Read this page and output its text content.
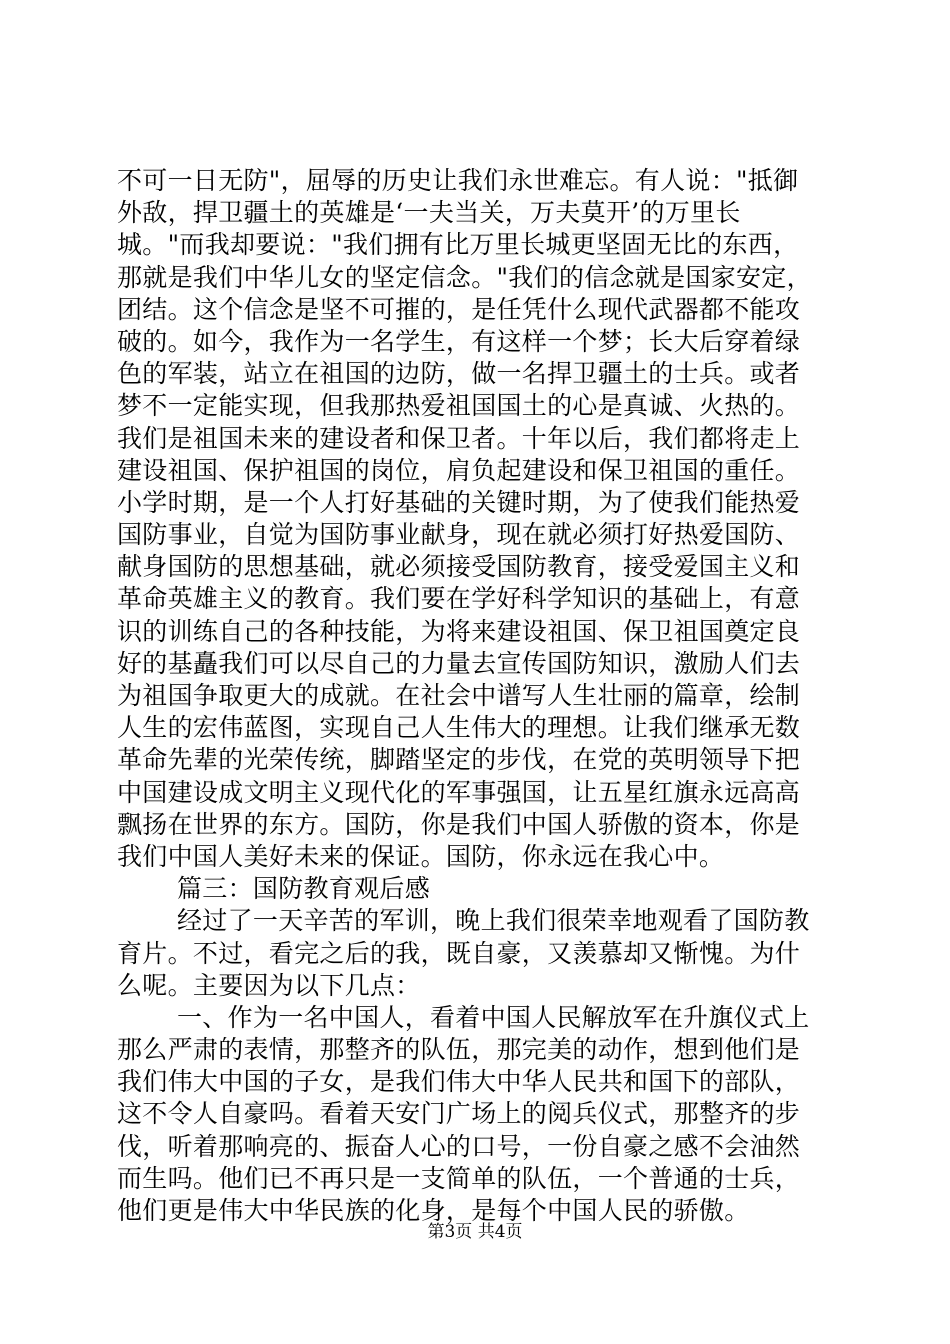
不可一日无防"，屈辱的历史让我们永世难忘。有人说："抵御
外敌，捍卫疆土的英雄是‘一夫当关，万夫莫开’的万里长
城。"而我却要说："我们拥有比万里长城更坚固无比的东西，
那就是我们中华儿女的坚定信念。"我们的信念就是国家安定，
团结。这个信念是坚不可摧的，是任凭什么现代武器都不能攻
破的。如今，我作为一名学生，有这样一个梦；长大后穿着绿
色的军装，站立在祖国的边防，做一名捍卫疆土的士兵。或者
梦不一定能实现，但我那热爱祖国国土的心是真诚、火热的。
我们是祖国未来的建设者和保卫者。十年以后，我们都将走上
建设祖国、保护祖国的岗位，肩负起建设和保卫祖国的重任。
小学时期，是一个人打好基础的关键时期，为了使我们能热爱
国防事业，自觉为国防事业献身，现在就必须打好热爱国防、
献身国防的思想基础，就必须接受国防教育，接受爱国主义和
革命英雄主义的教育。我们要在学好科学知识的基础上，有意
识的训练自己的各种技能，为将来建设祖国、保卫祖国奠定良
好的基矗我们可以尽自己的力量去宣传国防知识，激励人们去
为祖国争取更大的成就。在社会中谱写人生壮丽的篇章，绘制
人生的宏伟蓝图，实现自己人生伟大的理想。让我们继承无数
革命先辈的光荣传统，脚踏坚定的步伐，在党的英明领导下把
中国建设成文明主义现代化的军事强国，让五星红旗永远高高
飘扬在世界的东方。国防，你是我们中国人骄傲的资本，你是
我们中国人美好未来的保证。国防，你永远在我心中。
篇三：国防教育观后感
经过了一天辛苦的军训，晚上我们很荣幸地观看了国防教
育片。不过，看完之后的我，既自豪，又羡慕却又惭愧。为什
么呢。主要因为以下几点：
一、作为一名中国人，看着中国人民解放军在升旗仪式上
那么严肃的表情，那整齐的队伍，那完美的动作，想到他们是
我们伟大中国的子女，是我们伟大中华人民共和国下的部队，
这不令人自豪吗。看着天安门广场上的阅兵仪式，那整齐的步
伐，听着那响亮的、振奋人心的口号，一份自豪之感不会油然
而生吗。他们已不再只是一支简单的队伍，一个普通的士兵，
他们更是伟大中华民族的化身，是每个中国人民的骄傲。
第3页 共4页
